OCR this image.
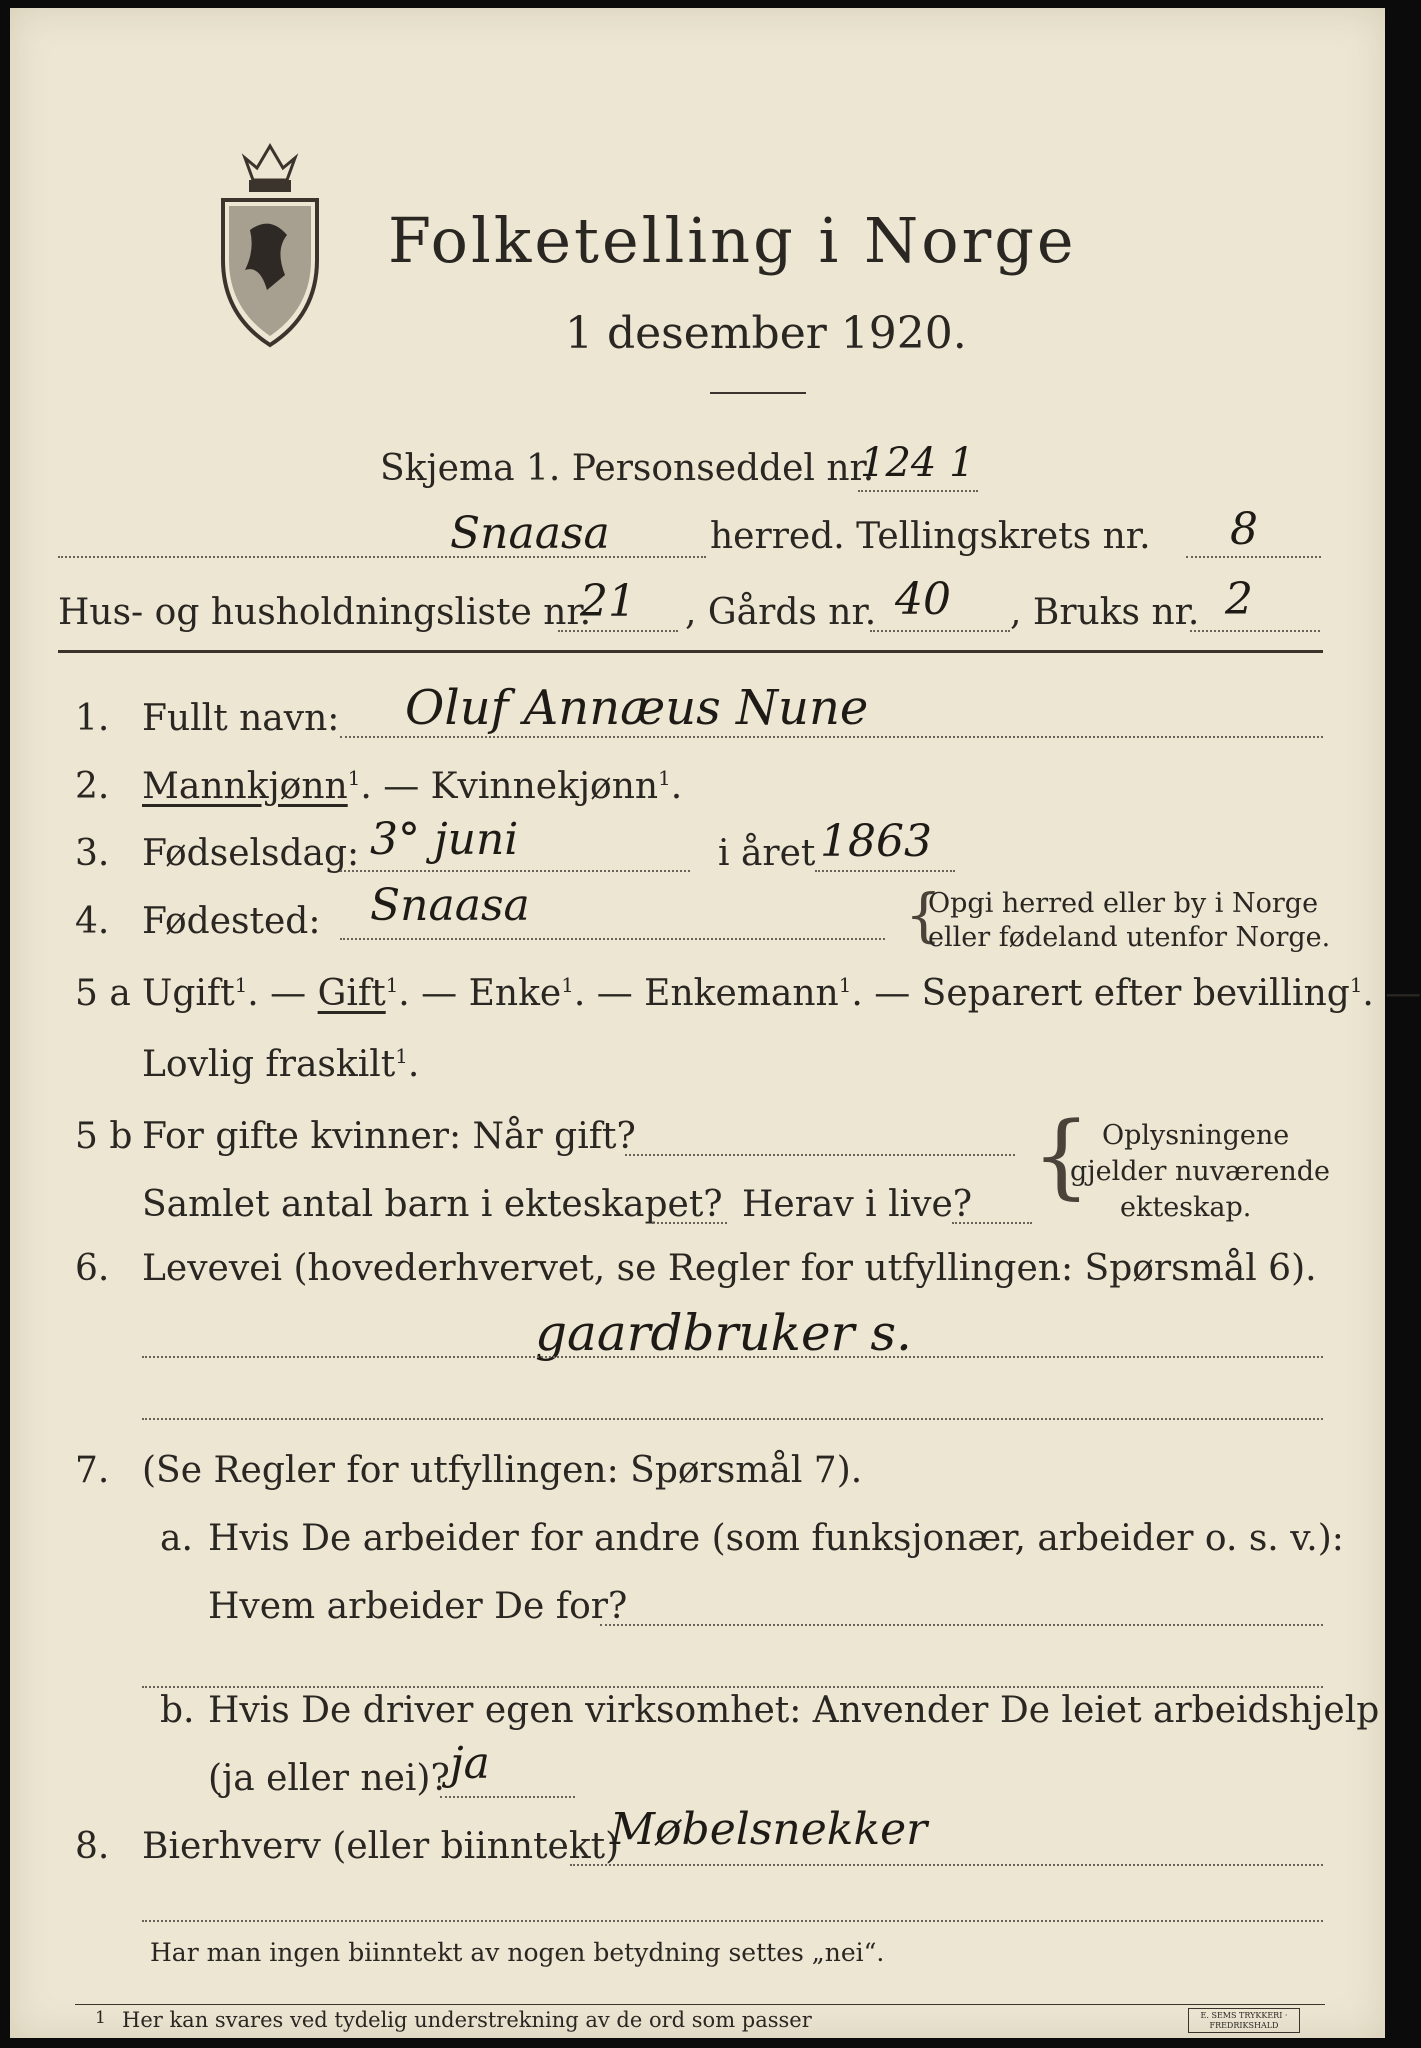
Folketelling i Norge
1 desember 1920.
Skjema 1. Personseddel nr.
124 1
Snaasa	herred. Tellingskrets nr. 8
Hus- og husholdningsliste nr.
21 , Gårds nr. 40 , Bruks nr. 2
1. Fullt navn: Oluf Annæus Nune
2. Mannkjønn$^1$. — Kvinnekjønn$^1$.
3. Fødselsdag: 3° juni	i året 1863
4. Fødested: Snaasa	{
Opgi herred eller by i Norge
eller fødeland utenfor Norge.
5 a Ugift$^1$. — Gift$^1$. — Enke$^1$. — Enkemann$^1$. — Separert efter bevilling$^1$. —
Lovlig fraskilt$^1$.
5 b For gifte kvinner: Når gift?
Samlet antal barn i ekteskapet? Herav i live? { Oplysningene
gjelder nuværende
ekteskap.
6. Levevei (hovederhvervet, se Regler for utfyllingen: Spørsmål 6).
gaardbruker s.
7. (Se Regler for utfyllingen: Spørsmål 7).
a. Hvis De arbeider for andre (som funksjonær, arbeider o. s. v.):
Hvem arbeider De for?
b. Hvis De driver egen virksomhet: Anvender De leiet arbeidshjelp
(ja eller nei)? ja
8. Bierhverv (eller biinntekt)
Møbelsnekker
Har man ingen biinntekt av nogen betydning settes „nei“.
1 Her kan svares ved tydelig understrekning av de ord som passer	E. SEMS TRYKKERI · FREDRIKSHALD
